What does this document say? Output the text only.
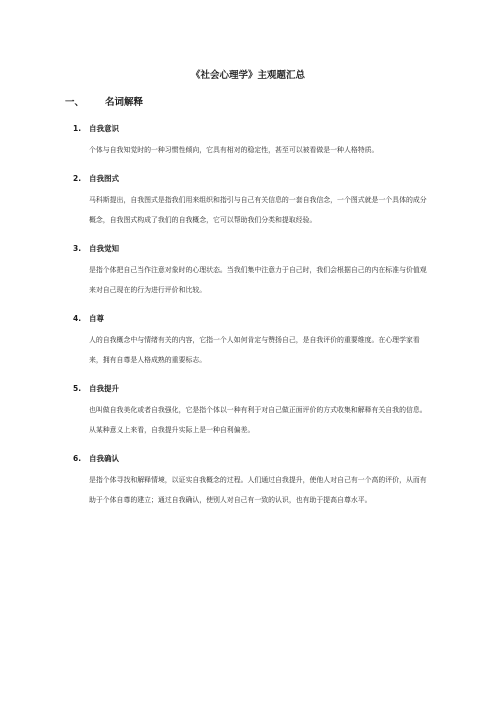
《社会心理学》主观题汇总
一、 名词解释
1. 自我意识

个体与自我知觉时的一种习惯性倾向，它具有相对的稳定性，甚至可以被看做是一种人格特质。

2. 自我图式

马科斯提出，自我图式是指我们用来组织和指引与自己有关信息的一套自我信念，一个图式就是一个具体的成分概念，自我图式构成了我们的自我概念，它可以帮助我们分类和提取经验。

3. 自我觉知

是指个体把自己当作注意对象时的心理状态。当我们集中注意力于自己时，我们会根据自己的内在标准与价值观来对自己现在的行为进行评价和比较。

4. 自尊

人的自我概念中与情绪有关的内容，它指一个人如何肯定与赞扬自己，是自我评价的重要维度。在心理学家看来，拥有自尊是人格成熟的重要标志。

5. 自我提升

也叫做自我美化或者自我强化，它是指个体以一种有利于对自己做正面评价的方式收集和解释有关自我的信息。从某种意义上来看，自我提升实际上是一种自利偏差。

6. 自我确认

是指个体寻找和解释情境，以证实自我概念的过程。人们通过自我提升，使他人对自己有一个高的评价，从而有助于个体自尊的建立；通过自我确认，使别人对自己有一致的认识，也有助于提高自尊水平。
